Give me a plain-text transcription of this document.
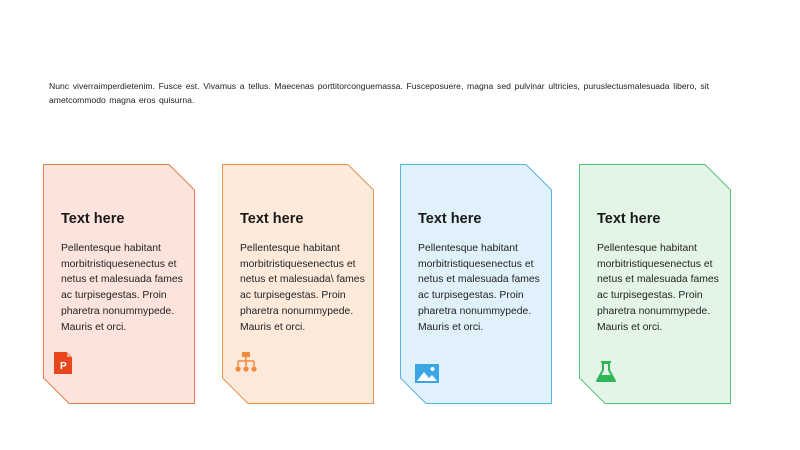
Nunc viverraimperdietenim. Fusce est. Vivamus a tellus. Maecenas porttitorconguemassa. Fusceposuere, magna sed pulvinar ultricies, puruslectusmalesuada libero, sit ametcommodo magna eros quisurna.

Text here

Pellentesque habitant morbitristiquesenectus et netus et malesuada fames ac turpisegestas. Proin pharetra nonummypede. Mauris et orci.

P
Text here

Pellentesque habitant morbitristiquesenectus et netus et malesuada\ fames ac turpisegestas. Proin pharetra nonummypede. Mauris et orci.

Text here

Pellentesque habitant morbitristiquesenectus et netus et malesuada fames ac turpisegestas. Proin pharetra nonummypede. Mauris et orci.

Text here

Pellentesque habitant morbitristiquesenectus et netus et malesuada fames ac turpisegestas. Proin pharetra nonummypede. Mauris et orci.
